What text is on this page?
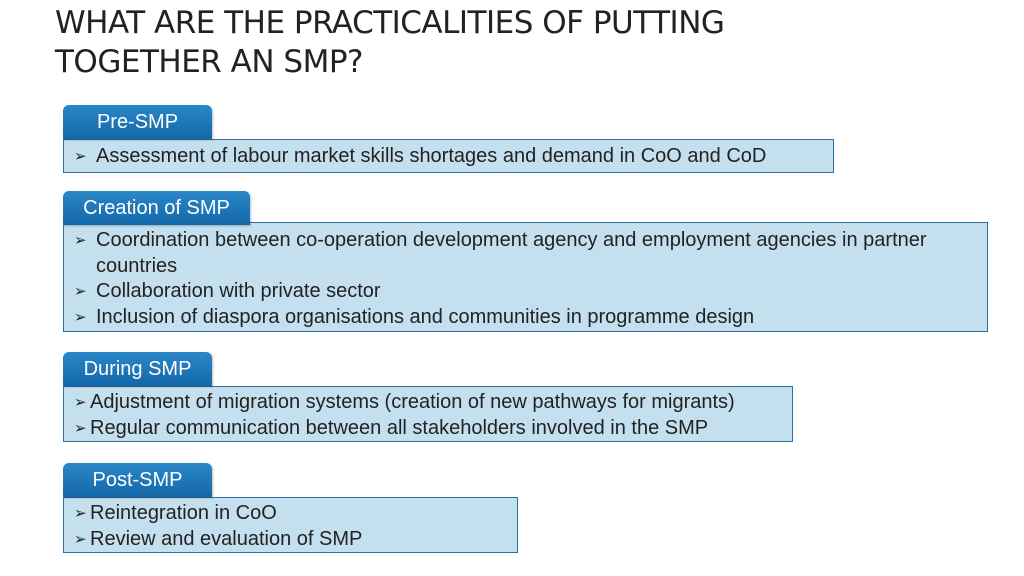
WHAT ARE THE PRACTICALITIES OF PUTTING
TOGETHER AN SMP?
Pre-SMP
➢ Assessment of labour market skills shortages and demand in CoO and CoD
Creation of SMP
➢ Coordination between co-operation development agency and employment agencies in partner countries
➢ Collaboration with private sector
➢ Inclusion of diaspora organisations and communities in programme design
During SMP
➢ Adjustment of migration systems (creation of new pathways for migrants)
➢ Regular communication between all stakeholders involved in the SMP
Post-SMP
➢ Reintegration in CoO
➢ Review and evaluation of SMP
